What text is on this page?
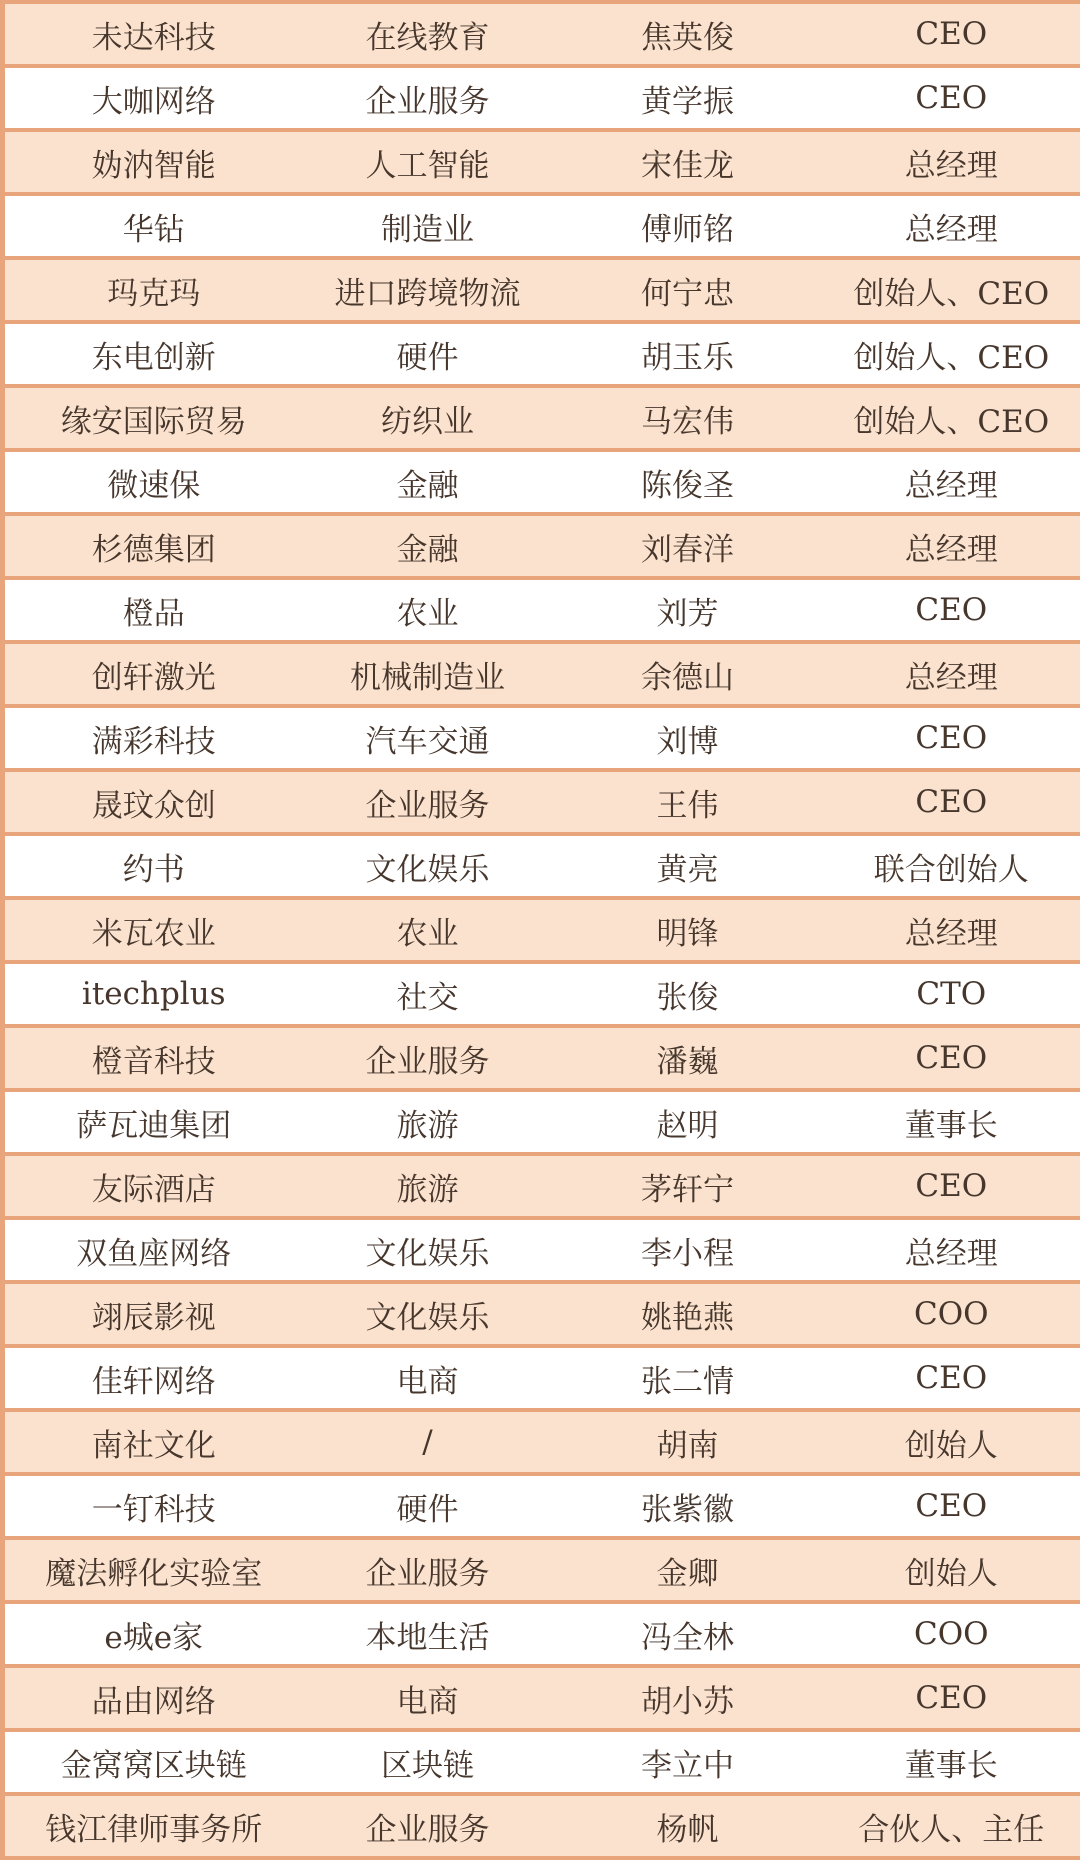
未达科技	在线教育	焦英俊	CEO
大咖网络	企业服务	黄学振	CEO
妫汭智能	人工智能	宋佳龙	总经理
华钻	制造业	傅师铭	总经理
玛克玛	进口跨境物流	何宁忠	创始人、CEO
东电创新	硬件	胡玉乐	创始人、CEO
缘安国际贸易	纺织业	马宏伟	创始人、CEO
微速保	金融	陈俊圣	总经理
杉德集团	金融	刘春洋	总经理
橙品	农业	刘芳	CEO
创轩激光	机械制造业	余德山	总经理
满彩科技	汽车交通	刘博	CEO
晟玟众创	企业服务	王伟	CEO
约书	文化娱乐	黄亮	联合创始人
米瓦农业	农业	明锋	总经理
itechplus	社交	张俊	CTO
橙音科技	企业服务	潘巍	CEO
萨瓦迪集团	旅游	赵明	董事长
友际酒店	旅游	茅轩宁	CEO
双鱼座网络	文化娱乐	李小程	总经理
翊辰影视	文化娱乐	姚艳燕	COO
佳轩网络	电商	张二情	CEO
南社文化	/	胡南	创始人
一钉科技	硬件	张紫徽	CEO
魔法孵化实验室	企业服务	金卿	创始人
e城e家	本地生活	冯全林	COO
品由网络	电商	胡小苏	CEO
金窝窝区块链	区块链	李立中	董事长
钱江律师事务所	企业服务	杨帆	合伙人、主任
